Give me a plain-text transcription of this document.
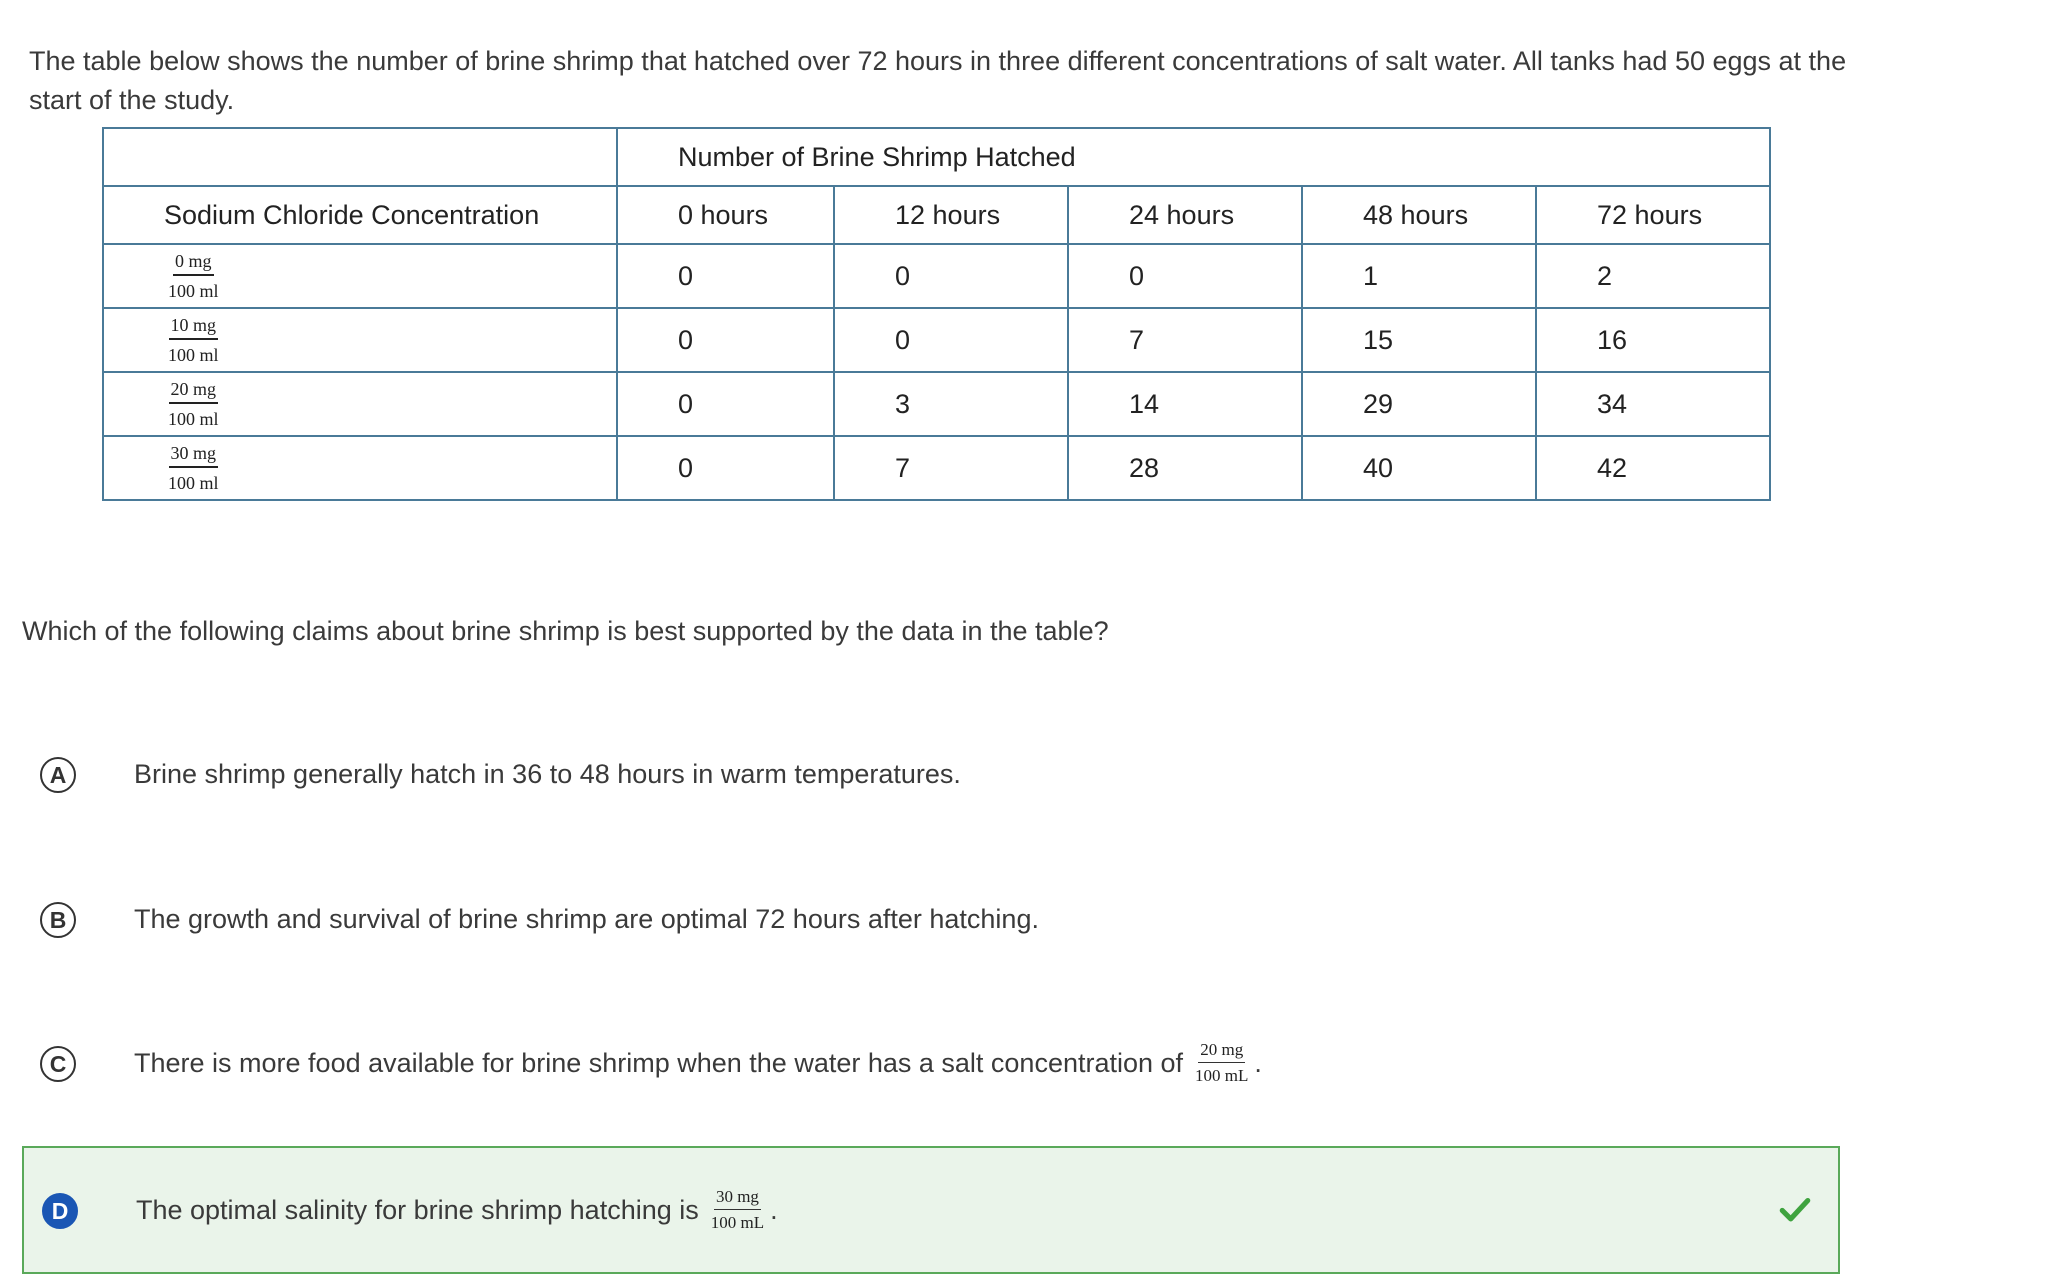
The table below shows the number of brine shrimp that hatched over 72 hours in three different concentrations of salt water. All tanks had 50 eggs at the start of the study.
	Number of Brine Shrimp Hatched				
Sodium Chloride Concentration	0 hours	12 hours	24 hours	48 hours	72 hours

$\frac{0 mg}{100 ml}$	0	0	0	1	2

$\frac{10 mg}{100 ml}$	0	0	7	15	16

$\frac{20 mg}{100 ml}$	0	3	14	29	34

$\frac{30 mg}{100 ml}$	0	7	28	40	42
Which of the following claims about brine shrimp is best supported by the data in the table?
A	Brine shrimp generally hatch in 36 to 48 hours in warm temperatures.
B	The growth and survival of brine shrimp are optimal 72 hours after hatching.
C	There is more food available for brine shrimp when the water has a salt concentration of $\frac{20 mg}{100 mL}$ .
D	The optimal salinity for brine shrimp hatching is $\frac{30 mg}{100 mL}$ .
